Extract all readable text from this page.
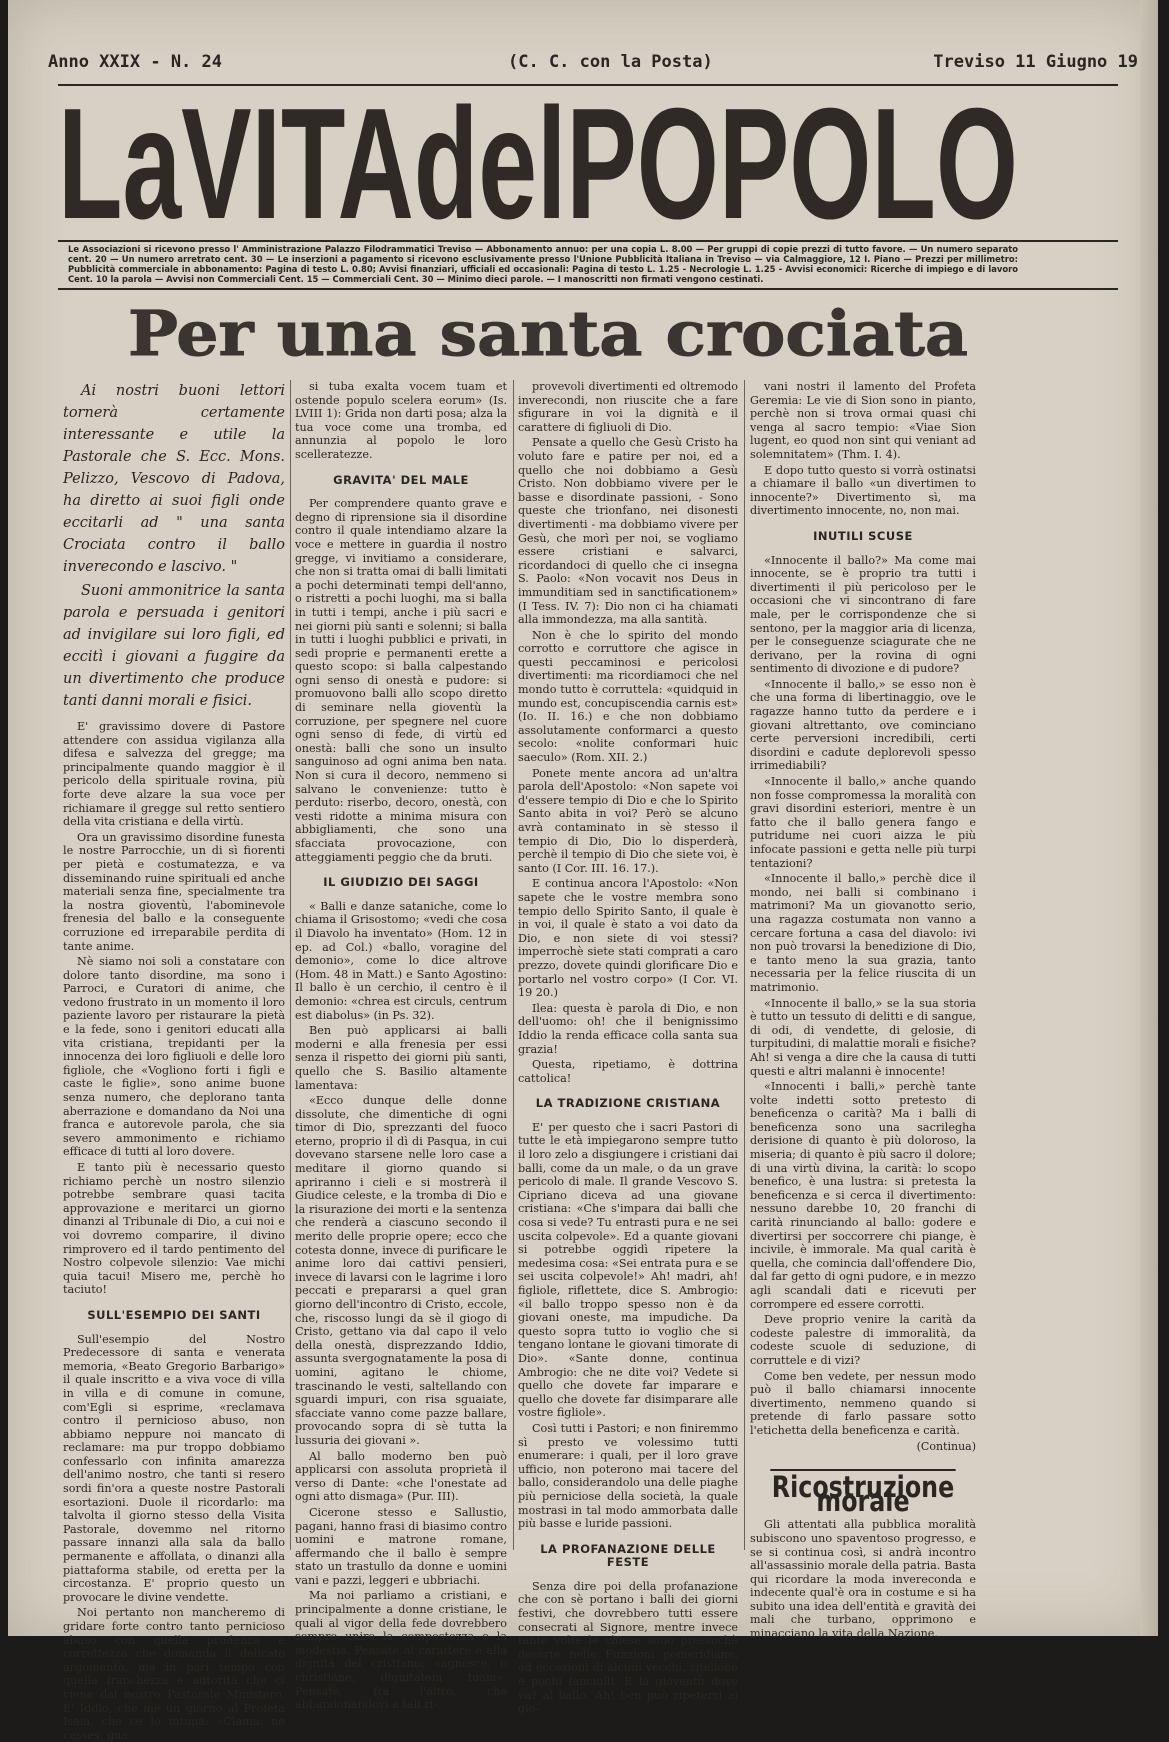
Anno XXIX - N. 24	(C. C. con la Posta)	Treviso 11 Giugno 19
LaVITAdelPOPOLO
Le Associazioni si ricevono presso l' Amministrazione Palazzo Filodrammatici Treviso — Abbonamento annuo: per una copia L. 8.00 — Per gruppi di copie prezzi di tutto favore. — Un numero separato cent. 20 — Un numero arretrato cent. 30 — Le inserzioni a pagamento si ricevono esclusivamente presso l'Unione Pubblicità Italiana in Treviso — via Calmaggiore, 12 I. Piano — Prezzi per millimetro: Pubblicità commerciale in abbonamento: Pagina di testo L. 0.80; Avvisi finanziari, ufficiali ed occasionali: Pagina di testo L. 1.25 - Necrologie L. 1.25 - Avvisi economici: Ricerche di impiego e di lavoro Cent. 10 la parola — Avvisi non Commerciali Cent. 15 — Commerciali Cent. 30 — Minimo dieci parole. — I manoscritti non firmati vengono cestinati.
Per una santa crociata

Ai nostri buoni lettori tornerà certamente interessante e utile la Pastorale che S. Ecc. Mons. Pelizzo, Vescovo di Padova, ha diretto ai suoi figli onde eccitarli ad " una santa Crociata contro il ballo inverecondo e lascivo. "

Suoni ammonitrice la santa parola e persuada i genitori ad invigilare sui loro figli, ed eccitì i giovani a fuggire da un divertimento che produce tanti danni morali e fisici.

E' gravissimo dovere di Pastore attendere con assidua vigilanza alla difesa e salvezza del gregge; ma principalmente quando maggior è il pericolo della spirituale rovina, più forte deve alzare la sua voce per richiamare il gregge sul retto sentiero della vita cristiana e della virtù.

Ora un gravissimo disordine funesta le nostre Parrocchie, un di sì fiorenti per pietà e costumatezza, e va disseminando ruine spirituali ed anche materiali senza fine, specialmente tra la nostra gioventù, l'abominevole frenesia del ballo e la conseguente corruzione ed irreparabile perdita di tante anime.

Nè siamo noi soli a constatare con dolore tanto disordine, ma sono i Parroci, e Curatori di anime, che vedono frustrato in un momento il loro paziente lavoro per ristaurare la pietà e la fede, sono i genitori educati alla vita cristiana, trepidanti per la innocenza dei loro figliuoli e delle loro figliole, che «Vogliono forti i figli e caste le figlie», sono anime buone senza numero, che deplorano tanta aberrazione e domandano da Noi una franca e autorevole parola, che sia severo ammonimento e richiamo efficace di tutti al loro dovere.

E tanto più è necessario questo richiamo perchè un nostro silenzio potrebbe sembrare quasi tacita approvazione e meritarci un giorno dinanzi al Tribunale di Dio, a cui noi e voi dovremo comparire, il divino rimprovero ed il tardo pentimento del Nostro colpevole silenzio: Vae michi quia tacui! Misero me, perchè ho taciuto!

SULL'ESEMPIO DEI SANTI

Sull'esempio del Nostro Predecessore di santa e venerata memoria, «Beato Gregorio Barbarigo» il quale inscritto e a viva voce di villa in villa e di comune in comune, com'Egli si esprime, «reclamava contro il pernicioso abuso, non abbiamo neppure noi mancato di reclamare: ma pur troppo dobbiamo confessarlo con infinita amarezza dell'animo nostro, che tanti si resero sordi fin'ora a queste nostre Pastorali esortazioni. Duole il ricordarlo: ma talvolta il giorno stesso della Visita Pastorale, dovemmo nel ritorno passare innanzi alla sala da ballo permanente e affollata, o dinanzi alla piattaforma stabile, od eretta per la circostanza. E' proprio questo un provocare le divine vendette.

Noi pertanto non mancheremo di gridare forte contro tanto pernicioso abuso con quella prudenza e correttezza che domanda il delicato argomento, ma in pari tempo con quella franchezza e autorità che ci viene dal nostro Pastorale Ministero. E' Iddio, che me un giorno al Profeta Isaia, che ce lo intima: «Clama: ne cesses: qua-

si tuba exalta vocem tuam et ostende populo scelera eorum» (Is. LVIII 1): Grida non darti posa; alza la tua voce come una tromba, ed annunzia al popolo le loro scelleratezze.

GRAVITA' DEL MALE

Per comprendere quanto grave e degno di riprensione sia il disordine contro il quale intendiamo alzare la voce e mettere in guardia il nostro gregge, vi invitiamo a considerare, che non si tratta omai di balli limitati a pochi determinati tempi dell'anno, o ristretti a pochi luoghi, ma si balla in tutti i tempi, anche i più sacri e nei giorni più santi e solenni; si balla in tutti i luoghi pubblici e privati, in sedi proprie e permanenti erette a questo scopo: si balla calpestando ogni senso di onestà e pudore: si promuovono balli allo scopo diretto di seminare nella gioventù la corruzione, per spegnere nel cuore ogni senso di fede, di virtù ed onestà: balli che sono un insulto sanguinoso ad ogni anima ben nata. Non si cura il decoro, nemmeno si salvano le convenienze: tutto è perduto: riserbo, decoro, onestà, con vesti ridotte a minima misura con abbigliamenti, che sono una sfacciata provocazione, con atteggiamenti peggio che da bruti.

IL GIUDIZIO DEI SAGGI

« Balli e danze sataniche, come lo chiama il Grisostomo; «vedi che cosa il Diavolo ha inventato» (Hom. 12 in ep. ad Col.) «ballo, voragine del demonio», come lo dice altrove (Hom. 48 in Matt.) e Santo Agostino: Il ballo è un cerchio, il centro è il demonio: «chrea est circuls, centrum est diabolus» (in Ps. 32).

Ben può applicarsi ai balli moderni e alla frenesia per essi senza il rispetto dei giorni più santi, quello che S. Basilio altamente lamentava:

«Ecco dunque delle donne dissolute, che dimentiche di ogni timor di Dio, sprezzanti del fuoco eterno, proprio il dì di Pasqua, in cui dovevano starsene nelle loro case a meditare il giorno quando si apriranno i cieli e si mostrerà il Giudice celeste, e la tromba di Dio e la risurazione dei morti e la sentenza che renderà a ciascuno secondo il merito delle proprie opere; ecco che cotesta donne, invece di purificare le anime loro dai cattivi pensieri, invece di lavarsi con le lagrime i loro peccati e prepararsi a quel gran giorno dell'incontro di Cristo, eccole, che, riscosso lungi da sè il giogo di Cristo, gettano via dal capo il velo della onestà, disprezzando Iddio, assunta svergognatamente la posa di uomini, agitano le chiome, trascinando le vesti, saltellando con sguardi impuri, con risa sguaiate, sfacciate vanno come pazze ballare, provocando sopra di sè tutta la lussuria dei giovani ».

Al ballo moderno ben può applicarsi con assoluta proprietà il verso di Dante: «che l'onestate ad ogni atto dismaga» (Pur. III).

Cicerone stesso e Sallustio, pagani, hanno frasi di biasimo contro uomini e matrone romane, affermando che il ballo è sempre stato un trastullo da donne e uomini vani e pazzi, leggeri e ubbriachi.

Ma noi parliamo a cristiani, e principalmente a donne cristiane, le quali al vigor della fede dovrebbero sempre unire la compostezza e la modestia. Pensate al carattere e alla dignità del cristiano: «agnosce, o christiane, dignitatem tuam». Pensate, fra l'altro, che abbandonandovi a tali ri-

provevoli divertimenti ed oltremodo inverecondi, non riuscite che a fare sfigurare in voi la dignità e il carattere di figliuoli di Dio.

Pensate a quello che Gesù Cristo ha voluto fare e patire per noi, ed a quello che noi dobbiamo a Gesù Cristo. Non dobbiamo vivere per le basse e disordinate passioni, - Sono queste che trionfano, nei disonesti divertimenti - ma dobbiamo vivere per Gesù, che morì per noi, se vogliamo essere cristiani e salvarci, ricordandoci di quello che ci insegna S. Paolo: «Non vocavit nos Deus in immunditiam sed in sanctificationem» (I Tess. IV. 7): Dio non ci ha chiamati alla immondezza, ma alla santità.

Non è che lo spirito del mondo corrotto e corruttore che agisce in questi peccaminosi e pericolosi divertimenti: ma ricordiamoci che nel mondo tutto è corruttela: «quidquid in mundo est, concupiscendia carnis est» (Io. II. 16.) e che non dobbiamo assolutamente conformarci a questo secolo: «nolite conformari huic saeculo» (Rom. XII. 2.)

Ponete mente ancora ad un'altra parola dell'Apostolo: «Non sapete voi d'essere tempio di Dio e che lo Spirito Santo abita in voi? Però se alcuno avrà contaminato in sè stesso il tempio di Dio, Dio lo disperderà, perchè il tempio di Dio che siete voi, è santo (I Cor. III. 16. 17.).

E continua ancora l'Apostolo: «Non sapete che le vostre membra sono tempio dello Spirito Santo, il quale è in voi, il quale è stato a voi dato da Dio, e non siete di voi stessi? imperrochè siete stati comprati a caro prezzo, dovete quindi glorificare Dio e portarlo nel vostro corpo» (I Cor. VI. 19 20.)

Ilea: questa è parola di Dio, e non dell'uomo: oh! che il benignissimo Iddio la renda efficace colla santa sua grazia!

Questa, ripetiamo, è dottrina cattolica!

LA TRADIZIONE CRISTIANA

E' per questo che i sacri Pastori di tutte le età impiegarono sempre tutto il loro zelo a disgiungere i cristiani dai balli, come da un male, o da un grave pericolo di male. Il grande Vescovo S. Cipriano diceva ad una giovane cristiana: «Che s'impara dai balli che cosa si vede? Tu entrasti pura e ne sei uscita colpevole». Ed a quante giovani si potrebbe oggidì ripetere la medesima cosa: «Sei entrata pura e se sei uscita colpevole!» Ah! madri, ah! figliole, riflettete, dice S. Ambrogio: «il ballo troppo spesso non è da giovani oneste, ma impudiche. Da questo sopra tutto io voglio che si tengano lontane le giovani timorate di Dio». «Sante donne, continua Ambrogio: che ne dite voi? Vedete si quello che dovete far imparare e quello che dovete far disimparare alle vostre figliole».

Così tutti i Pastori; e non finiremmo sì presto ve volessimo tutti enumerare: i quali, per il loro grave ufficio, non poterono mai tacere del ballo, considerandolo una delle piaghe più perniciose della società, la quale mostrasi in tal modo ammorbata dalle più basse e luride passioni.

LA PROFANAZIONE DELLE FESTE

Senza dire poi della profanazione che con sè portano i balli dei giorni festivi, che dovrebbero tutti essere consecrati al Signore, mentre invece tante volte le chiese sono pressochè deserte nelle Funzioni pomeridiane, ad eccezioni di alcuni vecchi, zitellone e pochi fanciulli. E la gioventù dove va? al ballo. Ah! ben può ripetersi ai gio-

vani nostri il lamento del Profeta Geremia: Le vie di Sion sono in pianto, perchè non si trova ormai quasi chi venga al sacro tempio: «Viae Sion lugent, eo quod non sint qui veniant ad solemnitatem» (Thm. I. 4).

E dopo tutto questo si vorrà ostinatsi a chiamare il ballo «un divertimen to innocente?» Divertimento sì, ma divertimento innocente, no, non mai.

INUTILI SCUSE

«Innocente il ballo?» Ma come mai innocente, se è proprio tra tutti i divertimenti il più pericoloso per le occasioni che vi sincontrano di fare male, per le corrispondenze che si sentono, per la maggior aria di licenza, per le conseguenze sciagurate che ne derivano, per la rovina di ogni sentimento di divozione e di pudore?

«Innocente il ballo,» se esso non è che una forma di libertinaggio, ove le ragazze hanno tutto da perdere e i giovani altrettanto, ove cominciano certe perversioni incredibili, certi disordini e cadute deplorevoli spesso irrimediabili?

«Innocente il ballo,» anche quando non fosse compromessa la moralità con gravi disordini esteriori, mentre è un fatto che il ballo genera fango e putridume nei cuori aizza le più infocate passioni e getta nelle più turpi tentazioni?

«Innocente il ballo,» perchè dice il mondo, nei balli si combinano i matrimoni? Ma un giovanotto serio, una ragazza costumata non vanno a cercare fortuna a casa del diavolo: ivi non può trovarsi la benedizione di Dio, e tanto meno la sua grazia, tanto necessaria per la felice riuscita di un matrimonio.

«Innocente il ballo,» se la sua storia è tutto un tessuto di delitti e di sangue, di odi, di vendette, di gelosie, di turpitudini, di malattie morali e fisiche? Ah! si venga a dire che la causa di tutti questi e altri malanni è innocente!

«Innocenti i balli,» perchè tante volte indetti sotto pretesto di beneficenza o carità? Ma i balli di beneficenza sono una sacrilegha derisione di quanto è più doloroso, la miseria; di quanto è più sacro il dolore; di una virtù divina, la carità: lo scopo benefico, è una lustra: si pretesta la beneficenza e si cerca il divertimento: nessuno darebbe 10, 20 franchi di carità rinunciando al ballo: godere e divertirsi per soccorrere chi piange, è incivile, è immorale. Ma qual carità è quella, che comincia dall'offendere Dio, dal far getto di ogni pudore, e in mezzo agli scandali dati e ricevuti per corrompere ed essere corrotti.

Deve proprio venire la carità da codeste palestre di immoralità, da codeste scuole di seduzione, di corruttele e di vizi?

Come ben vedete, per nessun modo può il ballo chiamarsi innocente divertimento, nemmeno quando si pretende di farlo passare sotto l'etichetta della beneficenza e carità.

(Continua)
Ricostruzione morale

Gli attentati alla pubblica moralità subiscono uno spaventoso progresso, e se si continua così, si andrà incontro all'assassinio morale della patria. Basta qui ricordare la moda invereconda e indecente qual'è ora in costume e si ha subito una idea dell'entità e gravità dei mali che turbano, opprimono e minacciano la vita della Nazione.
